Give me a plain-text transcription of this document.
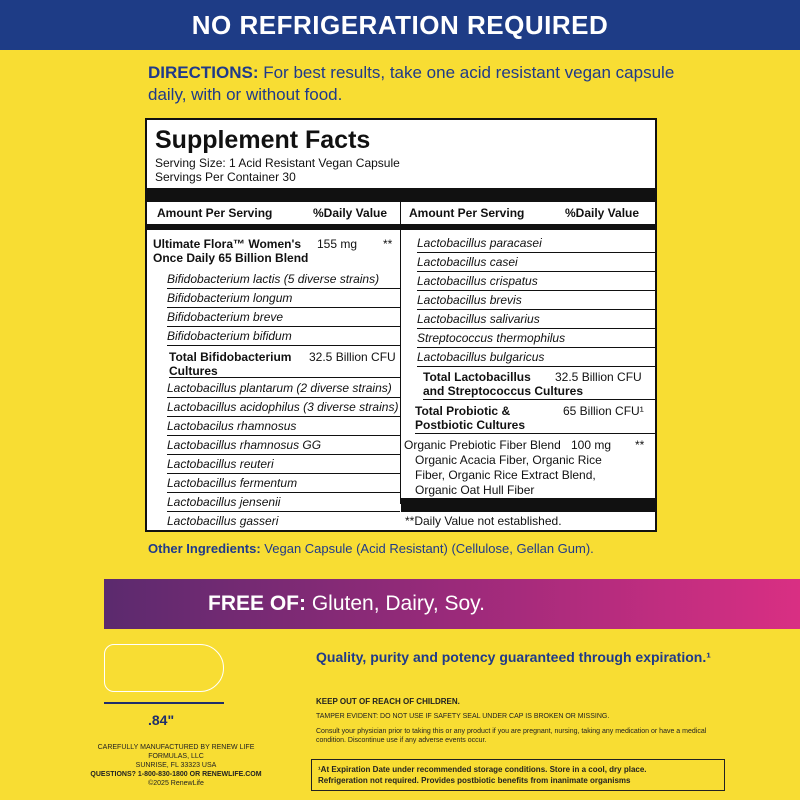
NO REFRIGERATION REQUIRED
DIRECTIONS: For best results, take one acid resistant vegan capsule daily, with or without food.
Supplement Facts
Serving Size: 1 Acid Resistant Vegan Capsule
Servings Per Container 30
Amount Per Serving	%Daily Value Amount Per Serving	%Daily Value
Ultimate Flora™ Women's
Once Daily 65 Billion Blend
155 mg **
Bifidobacterium lactis (5 diverse strains)
Bifidobacterium longum
Bifidobacterium breve
Bifidobacterium bifidum
Total Bifidobacterium
Cultures
32.5 Billion CFU
Lactobacillus plantarum (2 diverse strains)
Lactobacillus acidophilus (3 diverse strains)
Lactobacilus rhamnosus
Lactobacillus rhamnosus GG
Lactobacillus reuteri
Lactobacillus fermentum
Lactobacillus jensenii
Lactobacillus gasseri
Lactobacillus paracasei
Lactobacillus casei
Lactobacillus crispatus
Lactobacillus brevis
Lactobacillus salivarius
Streptococcus thermophilus
Lactobacillus bulgaricus
Total Lactobacillus
and Streptococcus Cultures
32.5 Billion CFU
Total Probiotic &
Postbiotic Cultures
65 Billion CFU¹
Organic Prebiotic Fiber Blend 100 mg **
Organic Acacia Fiber, Organic Rice
Fiber, Organic Rice Extract Blend,
Organic Oat Hull Fiber
**Daily Value not established.
Other Ingredients: Vegan Capsule (Acid Resistant) (Cellulose, Gellan Gum).
FREE OF: Gluten, Dairy, Soy.
.84"
Quality, purity and potency guaranteed through expiration.¹
KEEP OUT OF REACH OF CHILDREN.
TAMPER EVIDENT: DO NOT USE IF SAFETY SEAL UNDER CAP IS BROKEN OR MISSING.
Consult your physician prior to taking this or any product if you are pregnant, nursing, taking any medication or have a medical condition. Discontinue use if any adverse events occur.
CAREFULLY MANUFACTURED BY RENEW LIFE FORMULAS, LLC
SUNRISE, FL 33323 USA
QUESTIONS? 1-800-830-1800 OR RENEWLIFE.COM
©2025 RenewLife
¹At Expiration Date under recommended storage conditions. Store in a cool, dry place.
Refrigeration not required. Provides postbiotic benefits from inanimate organisms
